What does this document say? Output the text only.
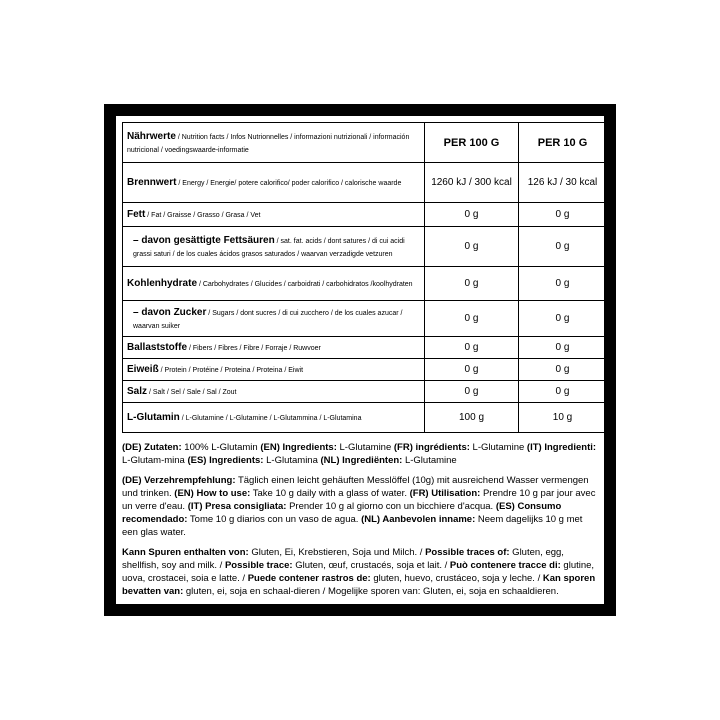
Nährwerte / Nutrition facts / Infos Nutrionnelles / informazioni nutrizionali / información nutricional / voedingswaarde-informatie	PER 100 G	PER 10 G

Brennwert / Energy / Energie/ potere calorifico/ poder calorifico / calorische waarde	1260 kJ / 300 kcal	126 kJ / 30 kcal

Fett / Fat / Graisse / Grasso / Grasa / Vet	0 g	0 g

– davon gesättigte Fettsäuren / sat. fat. acids / dont satures / di cui acidi grassi saturi / de los cuales ácidos grasos saturados / waarvan verzadigde vetzuren	0 g	0 g

Kohlenhydrate / Carbohydrates / Glucides / carboidrati / carbohidratos /koolhydraten	0 g	0 g

– davon Zucker / Sugars / dont sucres / di cui zucchero / de los cuales azucar / waarvan suiker	0 g	0 g

Ballaststoffe / Fibers / Fibres / Fibre / Forraje / Ruwvoer	0 g	0 g

Eiweiß / Protein / Protéine / Proteina / Proteina / Eiwit	0 g	0 g

Salz / Salt / Sel / Sale / Sal / Zout	0 g	0 g

L-Glutamin / L-Glutamine / L-Glutamine / L-Glutammina / L-Glutamina	100 g	10 g

(DE) Zutaten: 100% L-Glutamin (EN) Ingredients: L-Glutamine (FR) ingrédients: L-Glutamine (IT) Ingredienti: L-Glutam-mina (ES) Ingredients: L-Glutamina (NL) Ingrediënten: L-Glutamine

(DE) Verzehrempfehlung: Täglich einen leicht gehäuften Messlöffel (10g) mit ausreichend Wasser vermengen und trinken. (EN) How to use: Take 10 g daily with a glass of water. (FR) Utilisation: Prendre 10 g par jour avec un verre d'eau. (IT) Presa consigliata: Prender 10 g al giorno con un bicchiere d'acqua. (ES) Consumo recomendado: Tome 10 g diarios con un vaso de agua. (NL) Aanbevolen inname: Neem dagelijks 10 g met een glas water.

Kann Spuren enthalten von: Gluten, Ei, Krebstieren, Soja und Milch. / Possible traces of: Gluten, egg, shellfish, soy and milk. / Possible trace: Gluten, œuf, crustacés, soja et lait. / Può contenere tracce di: glutine, uova, crostacei, soia e latte. / Puede contener rastros de: gluten, huevo, crustáceo, soja y leche. / Kan sporen bevatten van: gluten, ei, soja en schaal-dieren / Mogelijke sporen van: Gluten, ei, soja en schaaldieren.
